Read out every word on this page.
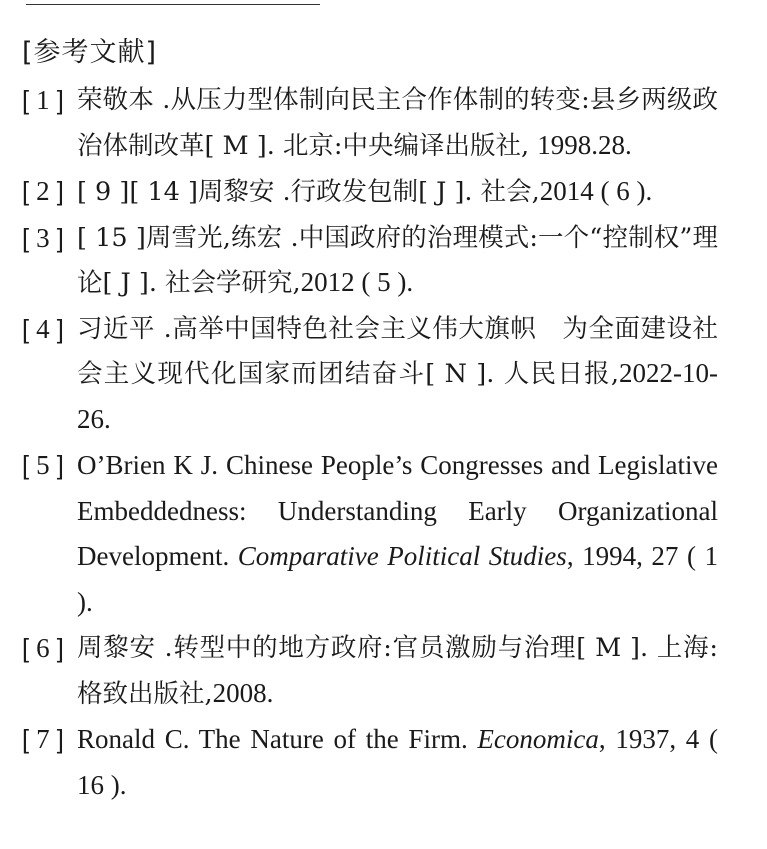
[参考文献]
[ 1 ] 荣敬本 .从压力型体制向民主合作体制的转变:县乡两级政治体制改革[ M ]. 北京:中央编译出版社, 1998.28.
[ 2 ] [ 9 ][ 14 ]周黎安 .行政发包制[ J ]. 社会,2014 ( 6 ).
[ 3 ] [ 15 ]周雪光,练宏 .中国政府的治理模式:一个“控制权”理论[ J ]. 社会学研究,2012 ( 5 ).
[ 4 ] 习近平 .高举中国特色社会主义伟大旗帜　为全面建设社会主义现代化国家而团结奋斗[ N ]. 人民日报,2022-10-26.
[ 5 ] O’Brien K J. Chinese People’s Congresses and Legislative Embeddedness: Understanding Early Organizational Development. Comparative Political Studies, 1994, 27 ( 1 ).
[ 6 ] 周黎安 .转型中的地方政府:官员激励与治理[ M ]. 上海:格致出版社,2008.
[ 7 ] Ronald C. The Nature of the Firm. Economica, 1937, 4 ( 16 ).
